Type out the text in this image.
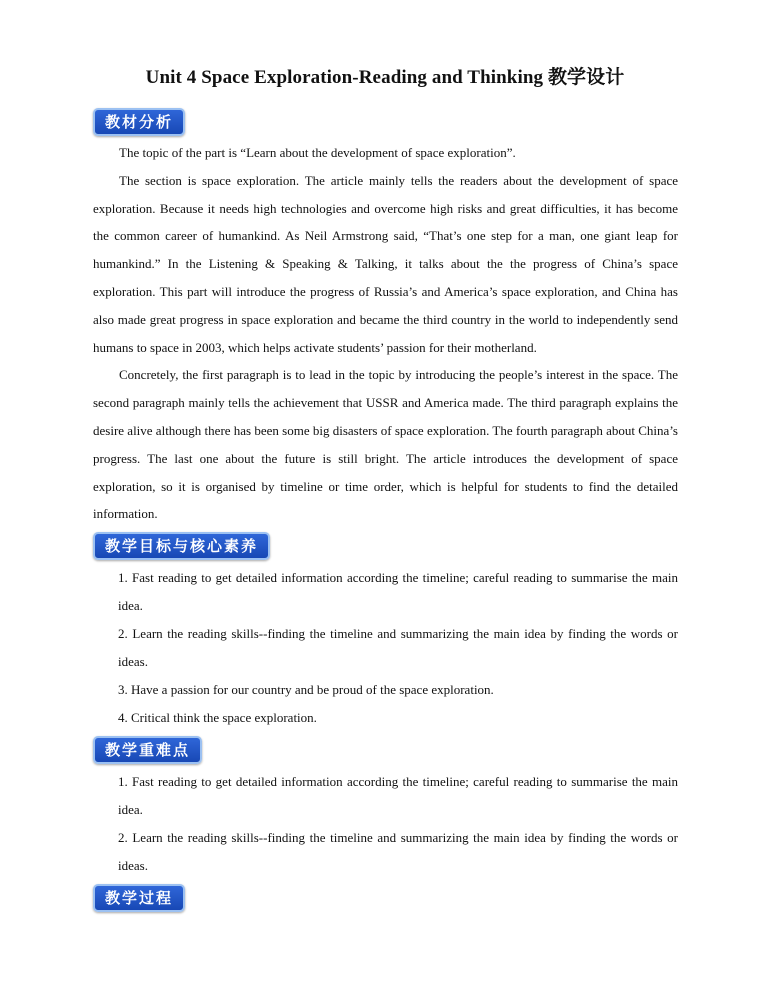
Unit 4 Space Exploration-Reading and Thinking 教学设计
教材分析

The topic of the part is “Learn about the development of space exploration”.

The section is space exploration. The article mainly tells the readers about the development of space exploration. Because it needs high technologies and overcome high risks and great difficulties, it has become the common career of humankind. As Neil Armstrong said, “That’s one step for a man, one giant leap for humankind.” In the Listening & Speaking & Talking, it talks about the the progress of China’s space exploration. This part will introduce the progress of Russia’s and America’s space exploration, and China has also made great progress in space exploration and became the third country in the world to independently send humans to space in 2003, which helps activate students’ passion for their motherland.

Concretely, the first paragraph is to lead in the topic by introducing the people’s interest in the space. The second paragraph mainly tells the achievement that USSR and America made. The third paragraph explains the desire alive although there has been some big disasters of space exploration. The fourth paragraph about China’s progress. The last one about the future is still bright. The article introduces the development of space exploration, so it is organised by timeline or time order, which is helpful for students to find the detailed information.

教学目标与核心素养
1. Fast reading to get detailed information according the timeline; careful reading to summarise the main idea.
2. Learn the reading skills--finding the timeline and summarizing the main idea by finding the words or ideas.
3. Have a passion for our country and be proud of the space exploration.
4. Critical think the space exploration.
教学重难点
1. Fast reading to get detailed information according the timeline; careful reading to summarise the main idea.
2. Learn the reading skills--finding the timeline and summarizing the main idea by finding the words or ideas.
教学过程
